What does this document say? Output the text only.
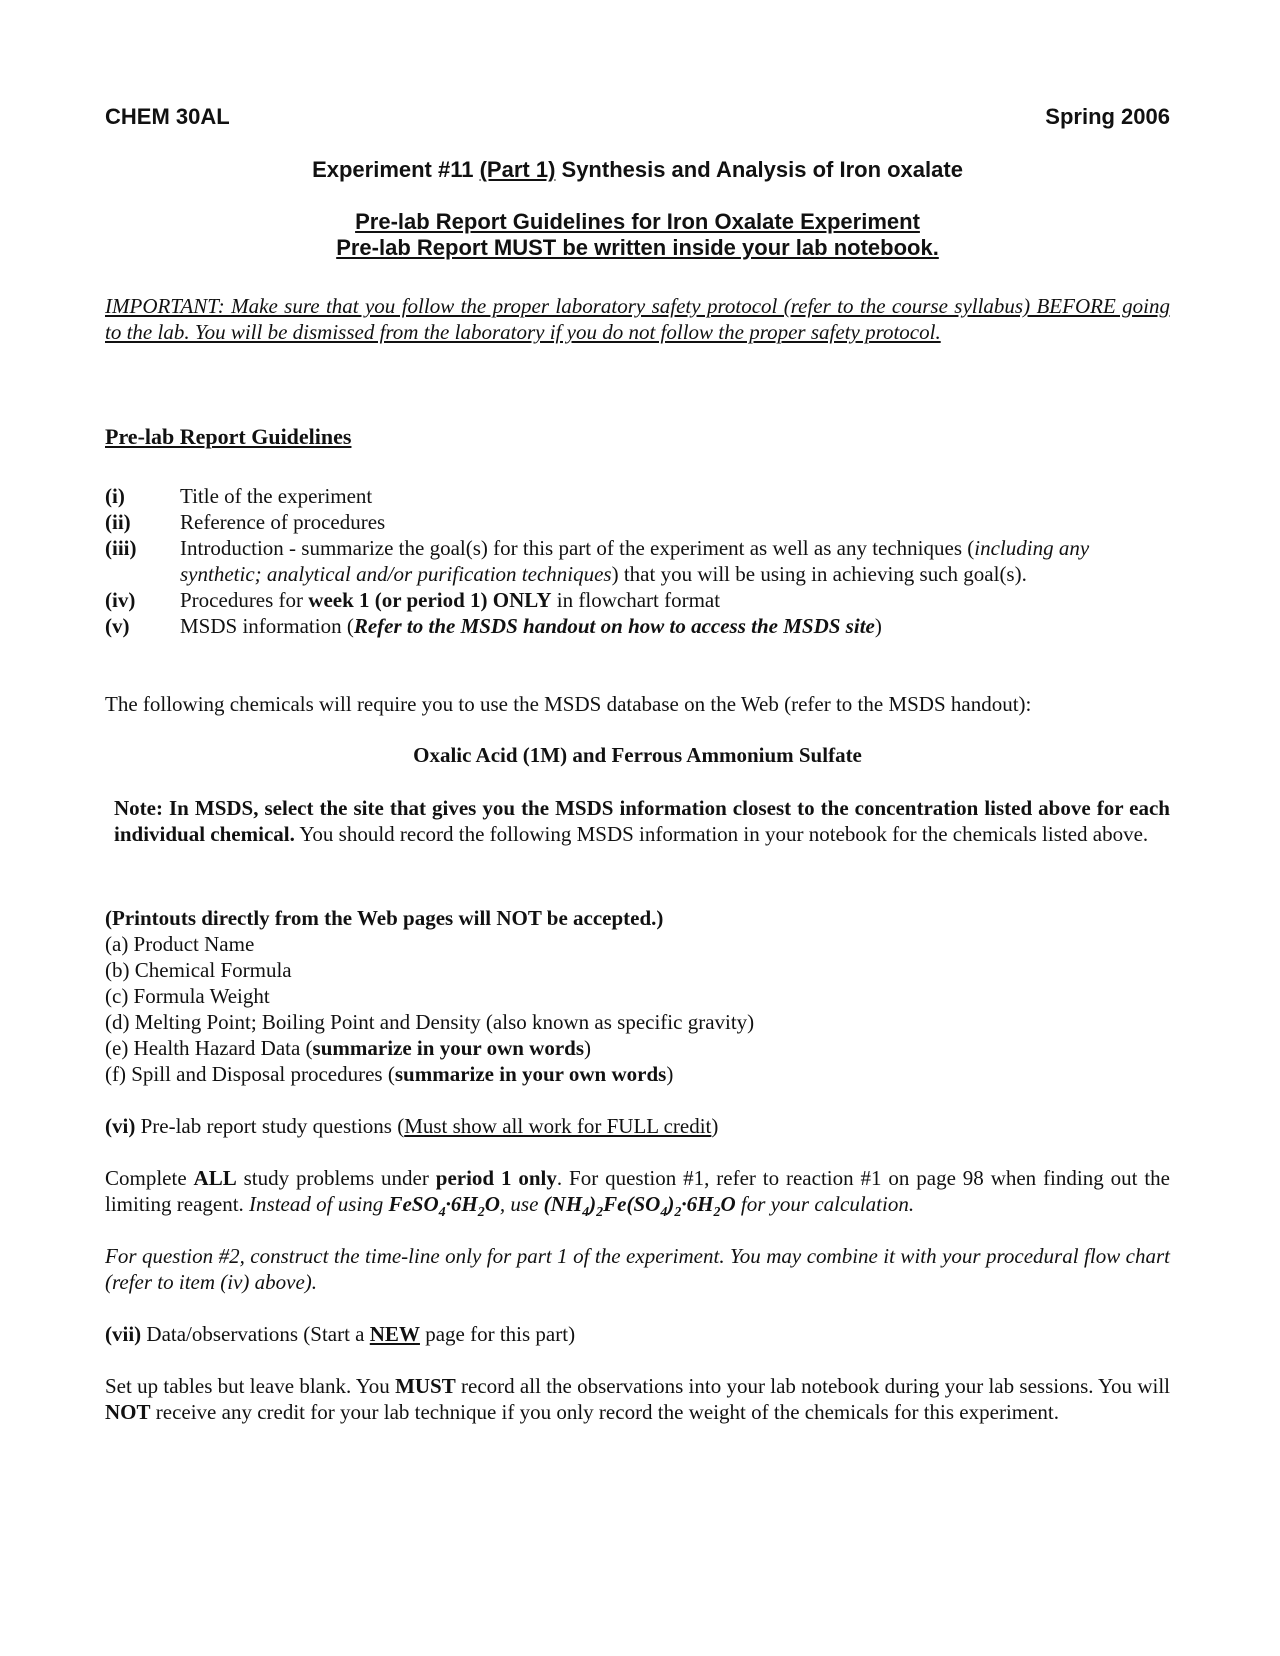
CHEM 30AL	Spring 2006
Experiment #11 (Part 1) Synthesis and Analysis of Iron oxalate
Pre-lab Report Guidelines for Iron Oxalate Experiment
Pre-lab Report MUST be written inside your lab notebook.
IMPORTANT: Make sure that you follow the proper laboratory safety protocol (refer to the course syllabus) BEFORE going to the lab. You will be dismissed from the laboratory if you do not follow the proper safety protocol.
Pre-lab Report Guidelines
(i)	Title of the experiment
(ii)	Reference of procedures
(iii)	Introduction - summarize the goal(s) for this part of the experiment as well as any techniques (including any synthetic; analytical and/or purification techniques) that you will be using in achieving such goal(s).
(iv)	Procedures for week 1 (or period 1) ONLY in flowchart format
(v)	MSDS information (Refer to the MSDS handout on how to access the MSDS site)
The following chemicals will require you to use the MSDS database on the Web (refer to the MSDS handout):
Oxalic Acid (1M) and Ferrous Ammonium Sulfate
Note: In MSDS, select the site that gives you the MSDS information closest to the concentration listed above for each individual chemical. You should record the following MSDS information in your notebook for the chemicals listed above.
(Printouts directly from the Web pages will NOT be accepted.)
(a) Product Name
(b) Chemical Formula
(c) Formula Weight
(d) Melting Point; Boiling Point and Density (also known as specific gravity)
(e) Health Hazard Data (summarize in your own words)
(f) Spill and Disposal procedures (summarize in your own words)
(vi) Pre-lab report study questions (Must show all work for FULL credit)
Complete ALL study problems under period 1 only. For question #1, refer to reaction #1 on page 98 when finding out the limiting reagent. Instead of using $FeSO_4\cdot 6H_2O$, use $(NH_4)_2Fe(SO_4)_2\cdot 6H_2O$ for your calculation.
For question #2, construct the time-line only for part 1 of the experiment. You may combine it with your procedural flow chart (refer to item (iv) above).
(vii) Data/observations (Start a NEW page for this part)
Set up tables but leave blank. You MUST record all the observations into your lab notebook during your lab sessions. You will NOT receive any credit for your lab technique if you only record the weight of the chemicals for this experiment.
